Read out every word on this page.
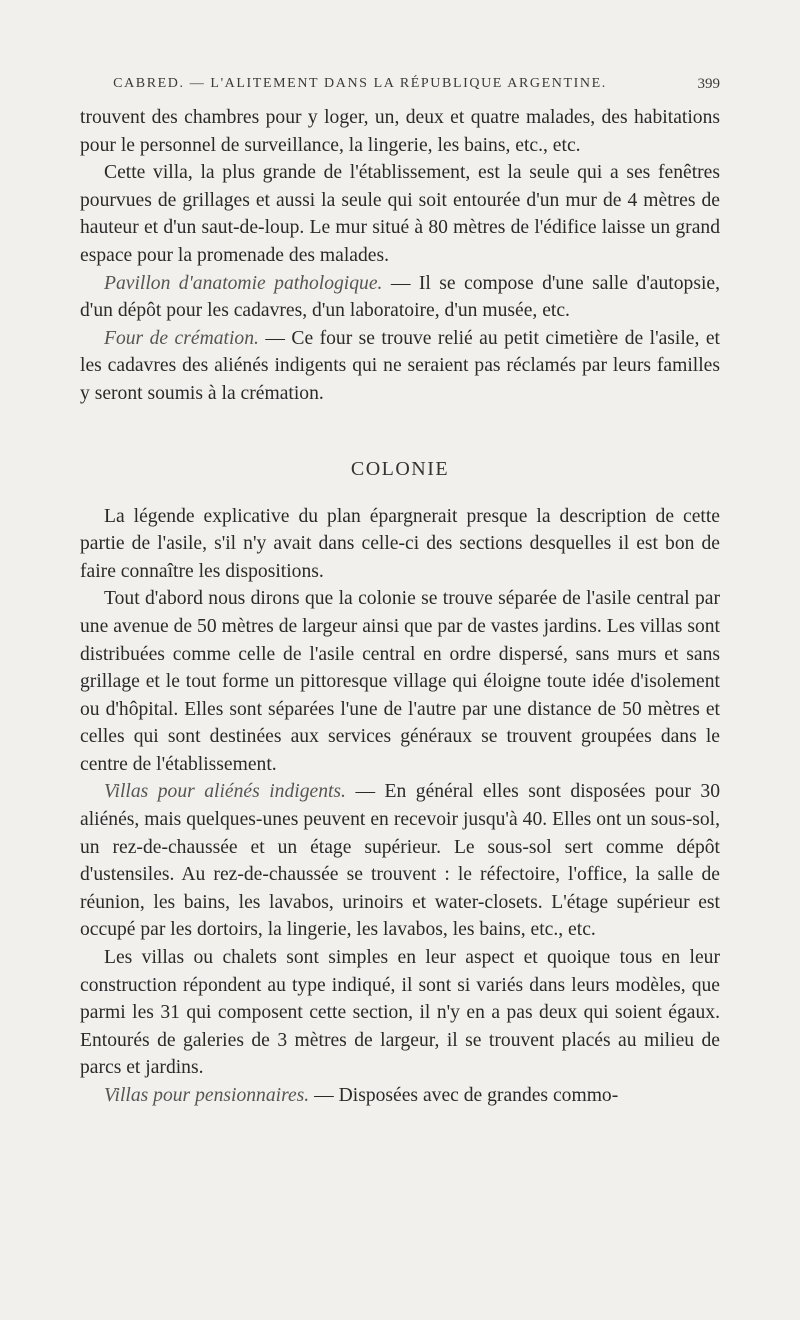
CABRED. — L'ALITEMENT DANS LA RÉPUBLIQUE ARGENTINE.	399

trouvent des chambres pour y loger, un, deux et quatre malades, des habitations pour le personnel de surveillance, la lingerie, les bains, etc., etc.

Cette villa, la plus grande de l'établissement, est la seule qui a ses fenêtres pourvues de grillages et aussi la seule qui soit entourée d'un mur de 4 mètres de hauteur et d'un saut-de-loup. Le mur situé à 80 mètres de l'édifice laisse un grand espace pour la promenade des malades.

Pavillon d'anatomie pathologique. — Il se compose d'une salle d'autopsie, d'un dépôt pour les cadavres, d'un laboratoire, d'un musée, etc.

Four de crémation. — Ce four se trouve relié au petit cimetière de l'asile, et les cadavres des aliénés indigents qui ne seraient pas réclamés par leurs familles y seront soumis à la crémation.

COLONIE

La légende explicative du plan épargnerait presque la description de cette partie de l'asile, s'il n'y avait dans celle-ci des sections desquelles il est bon de faire connaître les dispositions.

Tout d'abord nous dirons que la colonie se trouve séparée de l'asile central par une avenue de 50 mètres de largeur ainsi que par de vastes jardins. Les villas sont distribuées comme celle de l'asile central en ordre dispersé, sans murs et sans grillage et le tout forme un pittoresque village qui éloigne toute idée d'isolement ou d'hôpital. Elles sont séparées l'une de l'autre par une distance de 50 mètres et celles qui sont destinées aux services généraux se trouvent groupées dans le centre de l'établissement.

Villas pour aliénés indigents. — En général elles sont disposées pour 30 aliénés, mais quelques-unes peuvent en recevoir jusqu'à 40. Elles ont un sous-sol, un rez-de-chaussée et un étage supérieur. Le sous-sol sert comme dépôt d'ustensiles. Au rez-de-chaussée se trouvent : le réfectoire, l'office, la salle de réunion, les bains, les lavabos, urinoirs et water-closets. L'étage supérieur est occupé par les dortoirs, la lingerie, les lavabos, les bains, etc., etc.

Les villas ou chalets sont simples en leur aspect et quoique tous en leur construction répondent au type indiqué, il sont si variés dans leurs modèles, que parmi les 31 qui composent cette section, il n'y en a pas deux qui soient égaux. Entourés de galeries de 3 mètres de largeur, il se trouvent placés au milieu de parcs et jardins.

Villas pour pensionnaires. — Disposées avec de grandes commo-
